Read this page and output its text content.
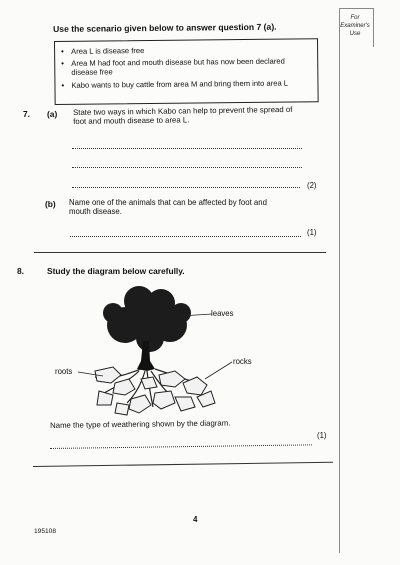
For
Examiner's
Use
Use the scenario given below to answer question 7 (a).
• Area L is disease free
• Area M had foot and mouth disease but has now been declared disease free
• Kabo wants to buy cattle from area M and bring them into area L
7. (a) State two ways in which Kabo can help to prevent the spread of foot and mouth disease to area L.
(2)
(b) Name one of the animals that can be affected by foot and mouth disease.
(1)
8.	Study the diagram below carefully.
leaves
rocks
roots
Name the type of weathering shown by the diagram.
(1)
4
195108
